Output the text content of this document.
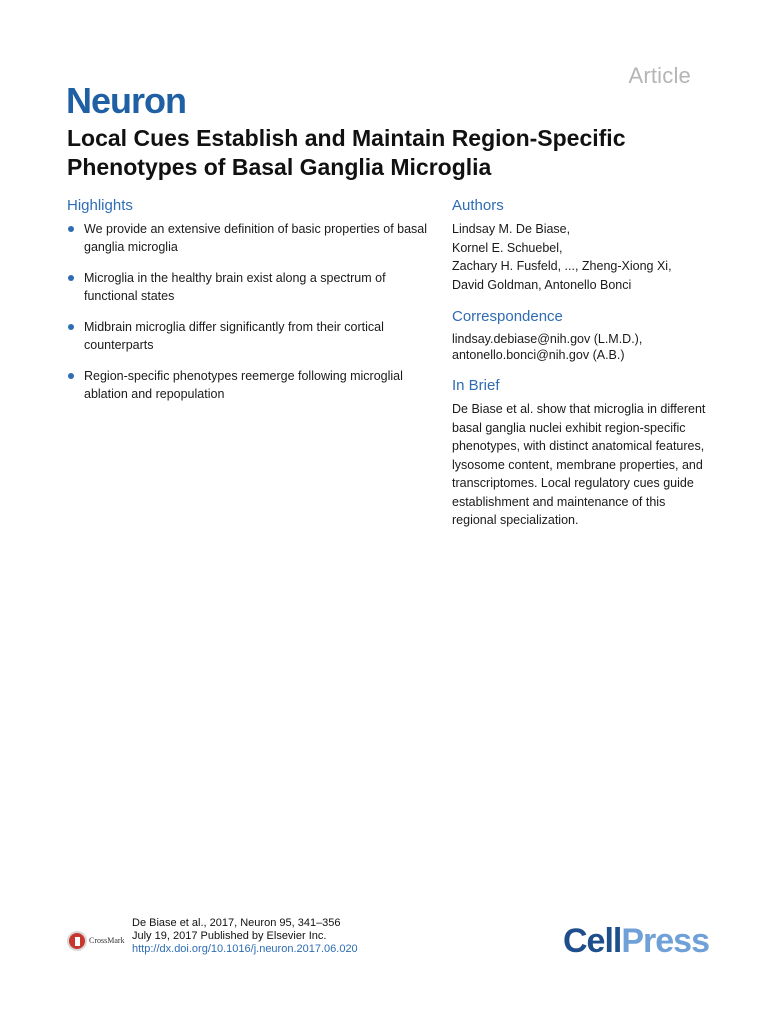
Article
Neuron
Local Cues Establish and Maintain Region-Specific Phenotypes of Basal Ganglia Microglia
Highlights
We provide an extensive definition of basic properties of basal ganglia microglia
Microglia in the healthy brain exist along a spectrum of functional states
Midbrain microglia differ significantly from their cortical counterparts
Region-specific phenotypes reemerge following microglial ablation and repopulation
Authors
Lindsay M. De Biase,
Kornel E. Schuebel,
Zachary H. Fusfeld, ..., Zheng-Xiong Xi,
David Goldman, Antonello Bonci
Correspondence
lindsay.debiase@nih.gov (L.M.D.),
antonello.bonci@nih.gov (A.B.)
In Brief
De Biase et al. show that microglia in different basal ganglia nuclei exhibit region-specific phenotypes, with distinct anatomical features, lysosome content, membrane properties, and transcriptomes. Local regulatory cues guide establishment and maintenance of this regional specialization.
CrossMark
De Biase et al., 2017, Neuron 95, 341–356
July 19, 2017 Published by Elsevier Inc.
http://dx.doi.org/10.1016/j.neuron.2017.06.020	CellPress
